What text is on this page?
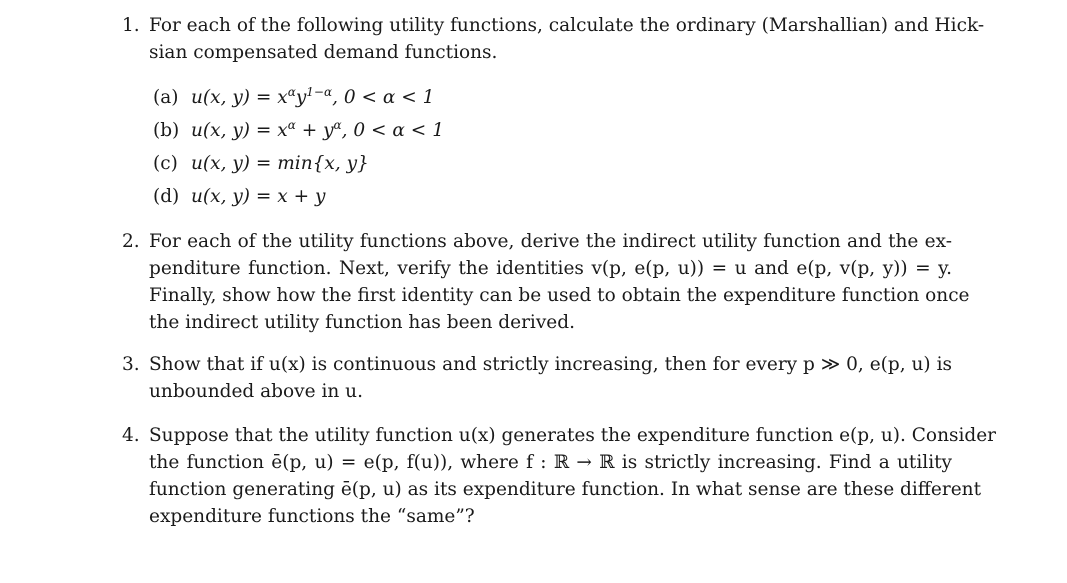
1. For each of the following utility functions, calculate the ordinary (Marshallian) and Hick-
sian compensated demand functions.
(a) u(x, $y) = x^\alpha y^{1-\alpha}$, 0 < α < 1
(b) u(x, $y) = x^\alpha + y^\alpha$, 0 < α < 1
(c) u(x, y) = min{x, y}
(d) u(x, y) = x + y
2. For each of the utility functions above, derive the indirect utility function and the ex-
penditure function. Next, verify the identities v(p, e(p, u)) = u and e(p, v(p, y)) = y.
Finally, show how the first identity can be used to obtain the expenditure function once
the indirect utility function has been derived.
3. Show that if u(x) is continuous and strictly increasing, then for every p ≫ 0, e(p, u) is
unbounded above in u.
4. Suppose that the utility function u(x) generates the expenditure function e(p, u). Consider
the function ē(p, u) = e(p, f(u)), where f : ℝ → ℝ is strictly increasing. Find a utility
function generating ē(p, u) as its expenditure function. In what sense are these different
expenditure functions the “same”?
